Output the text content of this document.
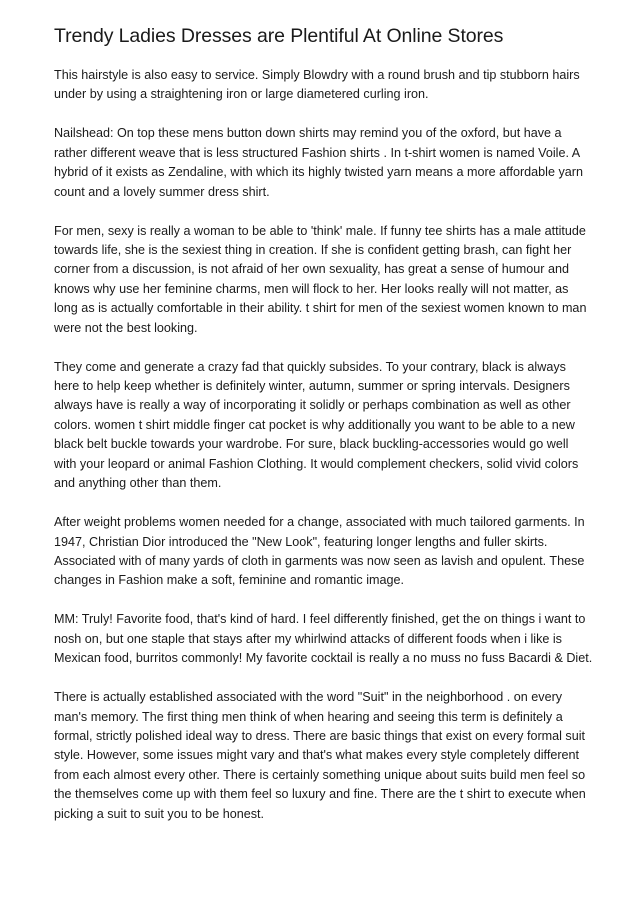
Trendy Ladies Dresses are Plentiful At Online Stores

This hairstyle is also easy to service. Simply Blowdry with a round brush and tip stubborn hairs under by using a straightening iron or large diametered curling iron.

Nailshead: On top these mens button down shirts may remind you of the oxford, but have a rather different weave that is less structured Fashion shirts . In t-shirt women is named Voile. A hybrid of it exists as Zendaline, with which its highly twisted yarn means a more affordable yarn count and a lovely summer dress shirt.

For men, sexy is really a woman to be able to 'think' male. If funny tee shirts has a male attitude towards life, she is the sexiest thing in creation. If she is confident getting brash, can fight her corner from a discussion, is not afraid of her own sexuality, has great a sense of humour and knows why use her feminine charms, men will flock to her. Her looks really will not matter, as long as is actually comfortable in their ability. t shirt for men of the sexiest women known to man were not the best looking.

They come and generate a crazy fad that quickly subsides. To your contrary, black is always here to help keep whether is definitely winter, autumn, summer or spring intervals. Designers always have is really a way of incorporating it solidly or perhaps combination as well as other colors. women t shirt middle finger cat pocket is why additionally you want to be able to a new black belt buckle towards your wardrobe. For sure, black buckling-accessories would go well with your leopard or animal Fashion Clothing. It would complement checkers, solid vivid colors and anything other than them.

After weight problems women needed for a change, associated with much tailored garments. In 1947, Christian Dior introduced the "New Look", featuring longer lengths and fuller skirts. Associated with of many yards of cloth in garments was now seen as lavish and opulent. These changes in Fashion make a soft, feminine and romantic image.

MM: Truly! Favorite food, that's kind of hard. I feel differently finished, get the on things i want to nosh on, but one staple that stays after my whirlwind attacks of different foods when i like is Mexican food, burritos commonly! My favorite cocktail is really a no muss no fuss Bacardi & Diet.

There is actually established associated with the word "Suit" in the neighborhood . on every man's memory. The first thing men think of when hearing and seeing this term is definitely a formal, strictly polished ideal way to dress. There are basic things that exist on every formal suit style. However, some issues might vary and that's what makes every style completely different from each almost every other. There is certainly something unique about suits build men feel so the themselves come up with them feel so luxury and fine. There are the t shirt to execute when picking a suit to suit you to be honest.
